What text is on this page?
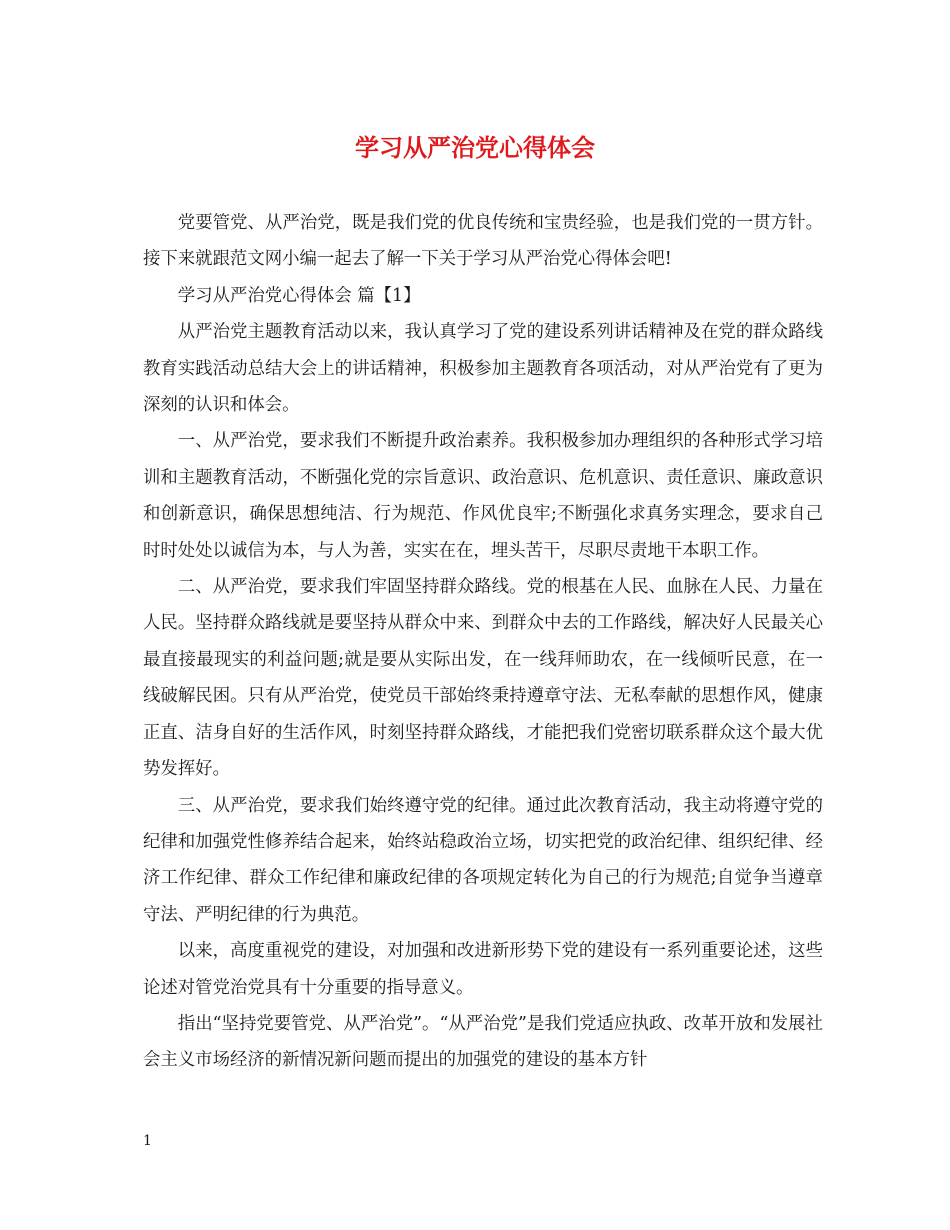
学习从严治党心得体会

党要管党、从严治党，既是我们党的优良传统和宝贵经验，也是我们党的一贯方针。接下来就跟范文网小编一起去了解一下关于学习从严治党心得体会吧!

学习从严治党心得体会 篇【1】

从严治党主题教育活动以来，我认真学习了党的建设系列讲话精神及在党的群众路线教育实践活动总结大会上的讲话精神，积极参加主题教育各项活动，对从严治党有了更为深刻的认识和体会。

一、从严治党，要求我们不断提升政治素养。我积极参加办理组织的各种形式学习培训和主题教育活动，不断强化党的宗旨意识、政治意识、危机意识、责任意识、廉政意识和创新意识，确保思想纯洁、行为规范、作风优良牢;不断强化求真务实理念，要求自己时时处处以诚信为本，与人为善，实实在在，埋头苦干，尽职尽责地干本职工作。

二、从严治党，要求我们牢固坚持群众路线。党的根基在人民、血脉在人民、力量在人民。坚持群众路线就是要坚持从群众中来、到群众中去的工作路线，解决好人民最关心最直接最现实的利益问题;就是要从实际出发，在一线拜师助农，在一线倾听民意，在一线破解民困。只有从严治党，使党员干部始终秉持遵章守法、无私奉献的思想作风，健康正直、洁身自好的生活作风，时刻坚持群众路线，才能把我们党密切联系群众这个最大优势发挥好。

三、从严治党，要求我们始终遵守党的纪律。通过此次教育活动，我主动将遵守党的纪律和加强党性修养结合起来，始终站稳政治立场，切实把党的政治纪律、组织纪律、经济工作纪律、群众工作纪律和廉政纪律的各项规定转化为自己的行为规范;自觉争当遵章守法、严明纪律的行为典范。

以来，高度重视党的建设，对加强和改进新形势下党的建设有一系列重要论述，这些论述对管党治党具有十分重要的指导意义。

指出“坚持党要管党、从严治党”。“从严治党”是我们党适应执政、改革开放和发展社会主义市场经济的新情况新问题而提出的加强党的建设的基本方针

1
